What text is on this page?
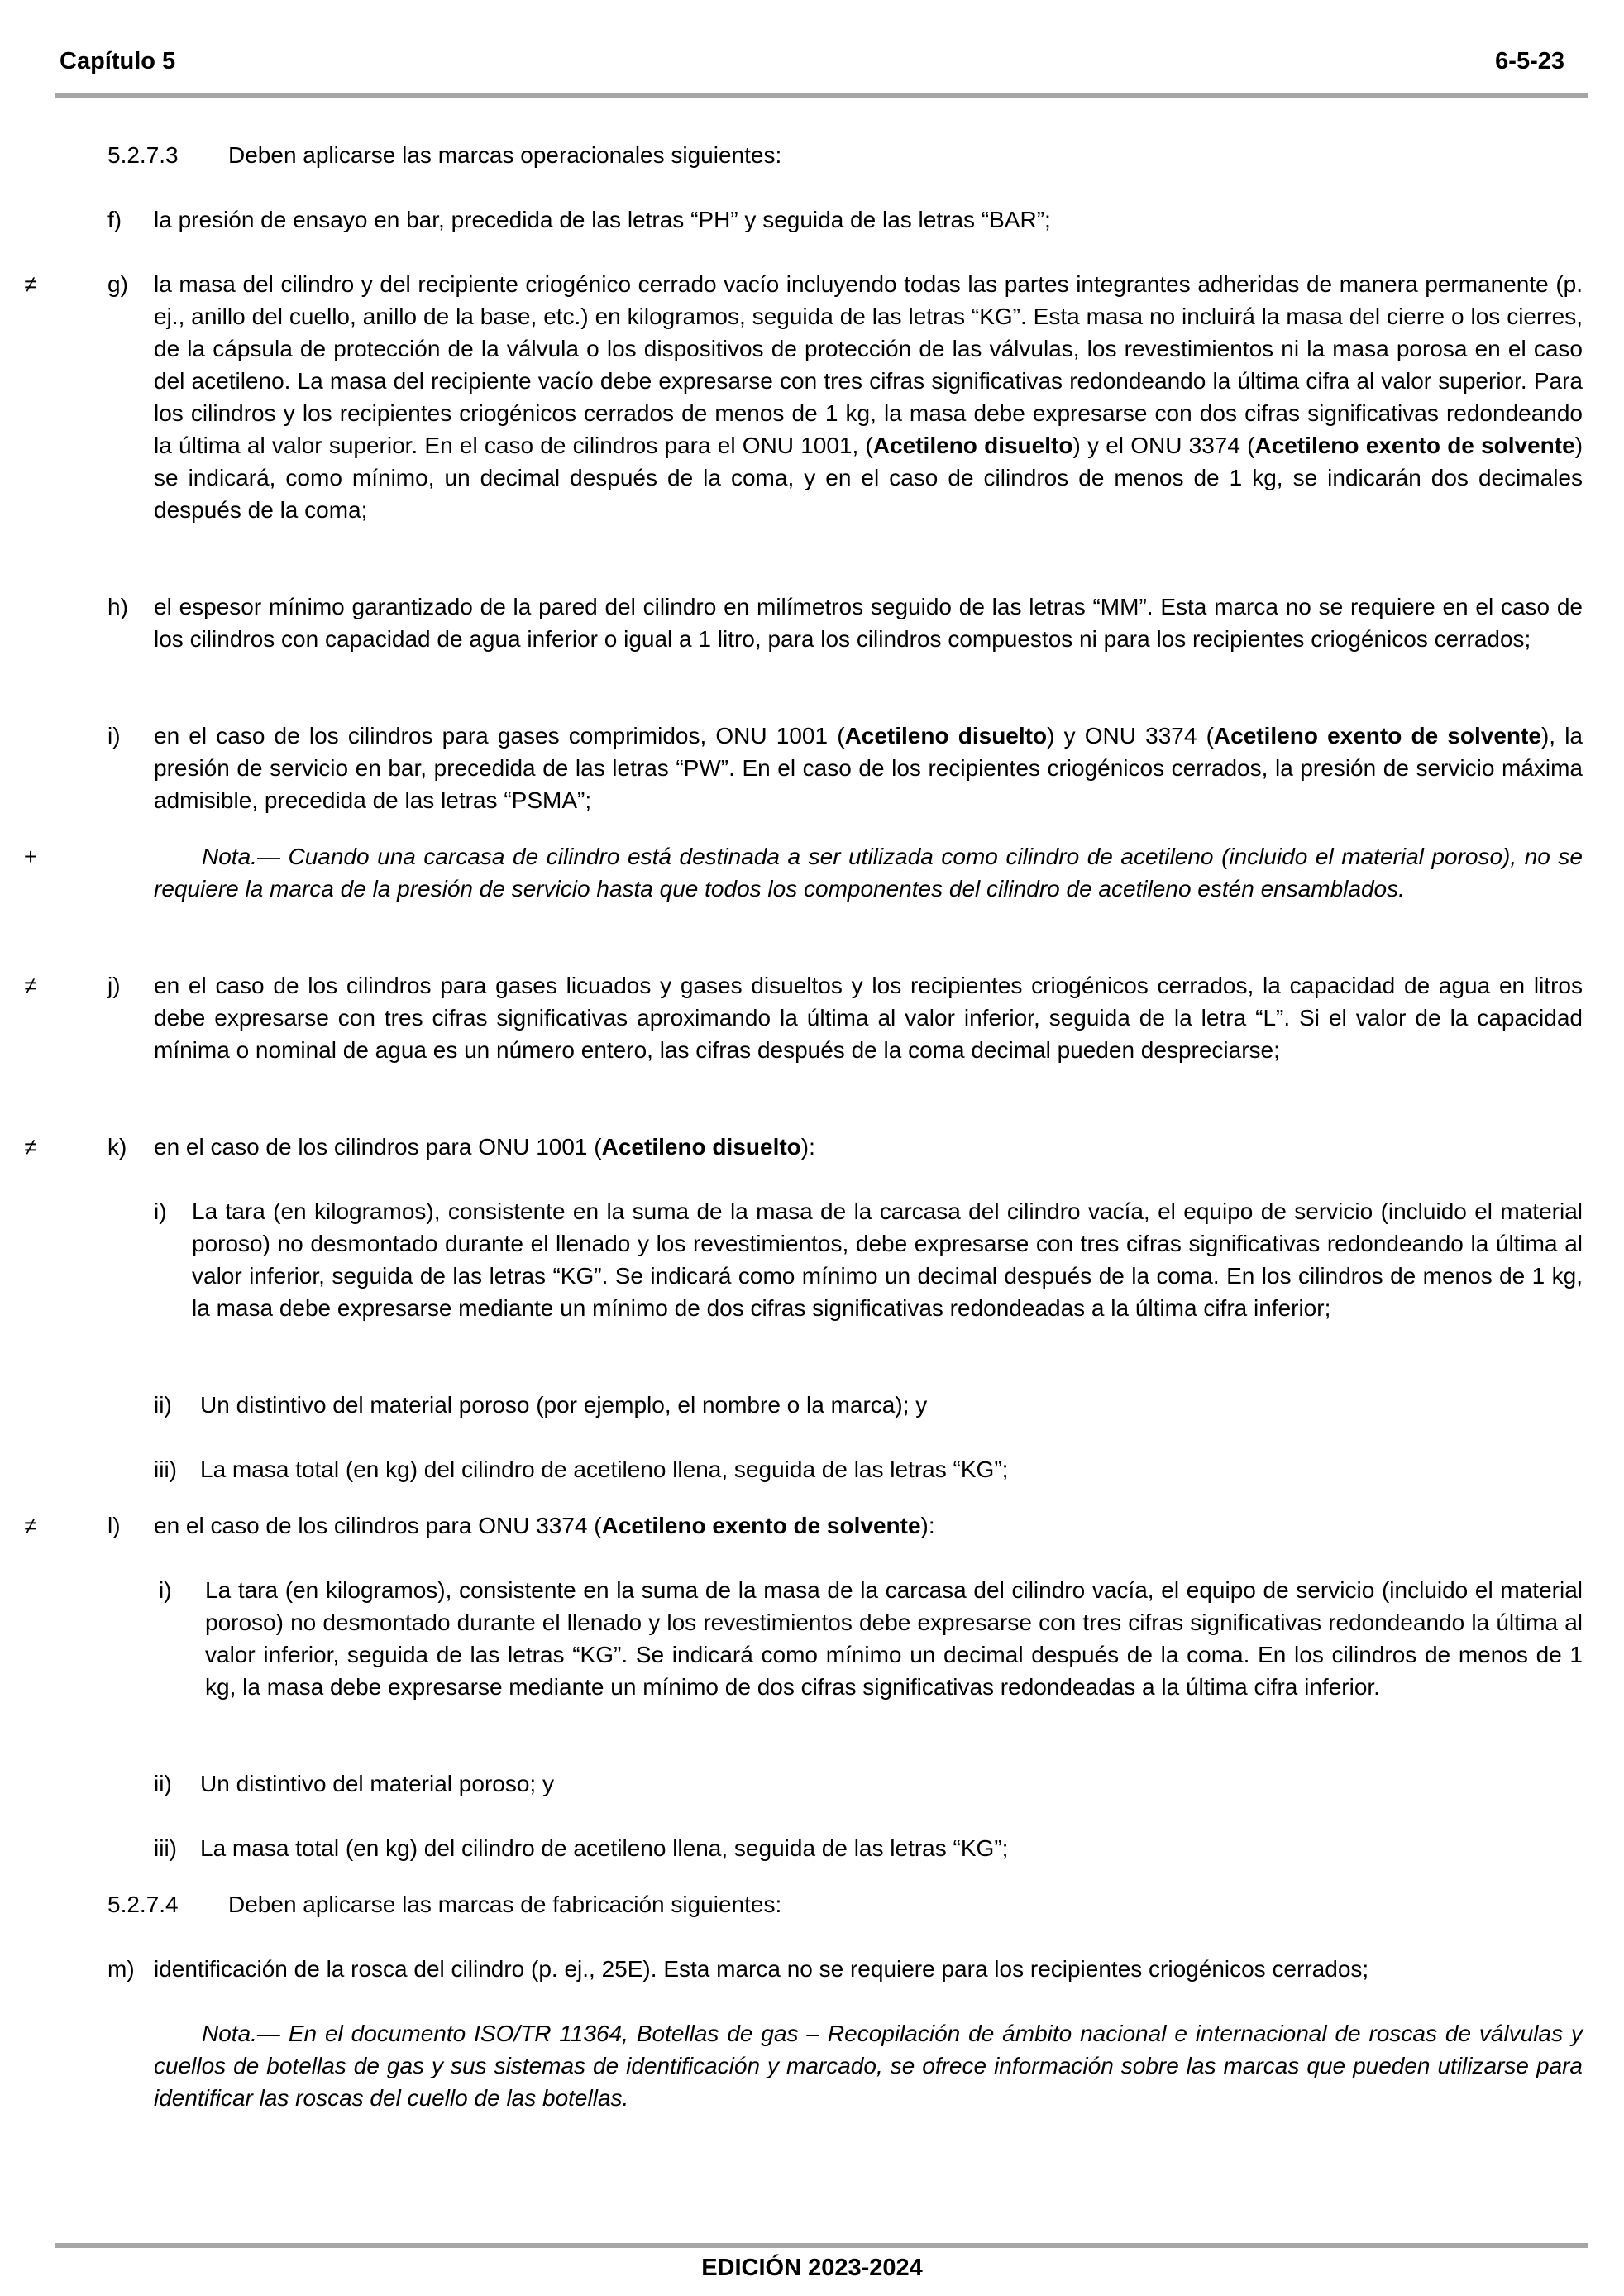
Capítulo 5	6-5-23
5.2.7.3 Deben aplicarse las marcas operacionales siguientes:
f) la presión de ensayo en bar, precedida de las letras “PH” y seguida de las letras “BAR”;
≠	g) la masa del cilindro y del recipiente criogénico cerrado vacío incluyendo todas las partes integrantes adheridas de manera permanente (p. ej., anillo del cuello, anillo de la base, etc.) en kilogramos, seguida de las letras “KG”. Esta masa no incluirá la masa del cierre o los cierres, de la cápsula de protección de la válvula o los dispositivos de protección de las válvulas, los revestimientos ni la masa porosa en el caso del acetileno. La masa del recipiente vacío debe expresarse con tres cifras significativas redondeando la última cifra al valor superior. Para los cilindros y los recipientes criogénicos cerrados de menos de 1 kg, la masa debe expresarse con dos cifras significativas redondeando la última al valor superior. En el caso de cilindros para el ONU 1001, (Acetileno disuelto) y el ONU 3374 (Acetileno exento de solvente) se indicará, como mínimo, un decimal después de la coma, y en el caso de cilindros de menos de 1 kg, se indicarán dos decimales después de la coma;
h) el espesor mínimo garantizado de la pared del cilindro en milímetros seguido de las letras “MM”. Esta marca no se requiere en el caso de los cilindros con capacidad de agua inferior o igual a 1 litro, para los cilindros compuestos ni para los recipientes criogénicos cerrados;
i) en el caso de los cilindros para gases comprimidos, ONU 1001 (Acetileno disuelto) y ONU 3374 (Acetileno exento de solvente), la presión de servicio en bar, precedida de las letras “PW”. En el caso de los recipientes criogénicos cerrados, la presión de servicio máxima admisible, precedida de las letras “PSMA”;
+	Nota.— Cuando una carcasa de cilindro está destinada a ser utilizada como cilindro de acetileno (incluido el material poroso), no se requiere la marca de la presión de servicio hasta que todos los componentes del cilindro de acetileno estén ensamblados.
≠	j) en el caso de los cilindros para gases licuados y gases disueltos y los recipientes criogénicos cerrados, la capacidad de agua en litros debe expresarse con tres cifras significativas aproximando la última al valor inferior, seguida de la letra “L”. Si el valor de la capacidad mínima o nominal de agua es un número entero, las cifras después de la coma decimal pueden despreciarse;
≠	k) en el caso de los cilindros para ONU 1001 (Acetileno disuelto):
i) La tara (en kilogramos), consistente en la suma de la masa de la carcasa del cilindro vacía, el equipo de servicio (incluido el material poroso) no desmontado durante el llenado y los revestimientos, debe expresarse con tres cifras significativas redondeando la última al valor inferior, seguida de las letras “KG”. Se indicará como mínimo un decimal después de la coma. En los cilindros de menos de 1 kg, la masa debe expresarse mediante un mínimo de dos cifras significativas redondeadas a la última cifra inferior;
ii) Un distintivo del material poroso (por ejemplo, el nombre o la marca); y
iii) La masa total (en kg) del cilindro de acetileno llena, seguida de las letras “KG”;
≠	l) en el caso de los cilindros para ONU 3374 (Acetileno exento de solvente):
i) La tara (en kilogramos), consistente en la suma de la masa de la carcasa del cilindro vacía, el equipo de servicio (incluido el material poroso) no desmontado durante el llenado y los revestimientos debe expresarse con tres cifras significativas redondeando la última al valor inferior, seguida de las letras “KG”. Se indicará como mínimo un decimal después de la coma. En los cilindros de menos de 1 kg, la masa debe expresarse mediante un mínimo de dos cifras significativas redondeadas a la última cifra inferior.
ii) Un distintivo del material poroso; y
iii) La masa total (en kg) del cilindro de acetileno llena, seguida de las letras “KG”;
5.2.7.4 Deben aplicarse las marcas de fabricación siguientes:
m) identificación de la rosca del cilindro (p. ej., 25E). Esta marca no se requiere para los recipientes criogénicos cerrados;
Nota.— En el documento ISO/TR 11364, Botellas de gas – Recopilación de ámbito nacional e internacional de roscas de válvulas y cuellos de botellas de gas y sus sistemas de identificación y marcado, se ofrece información sobre las marcas que pueden utilizarse para identificar las roscas del cuello de las botellas.
EDICIÓN 2023-2024
